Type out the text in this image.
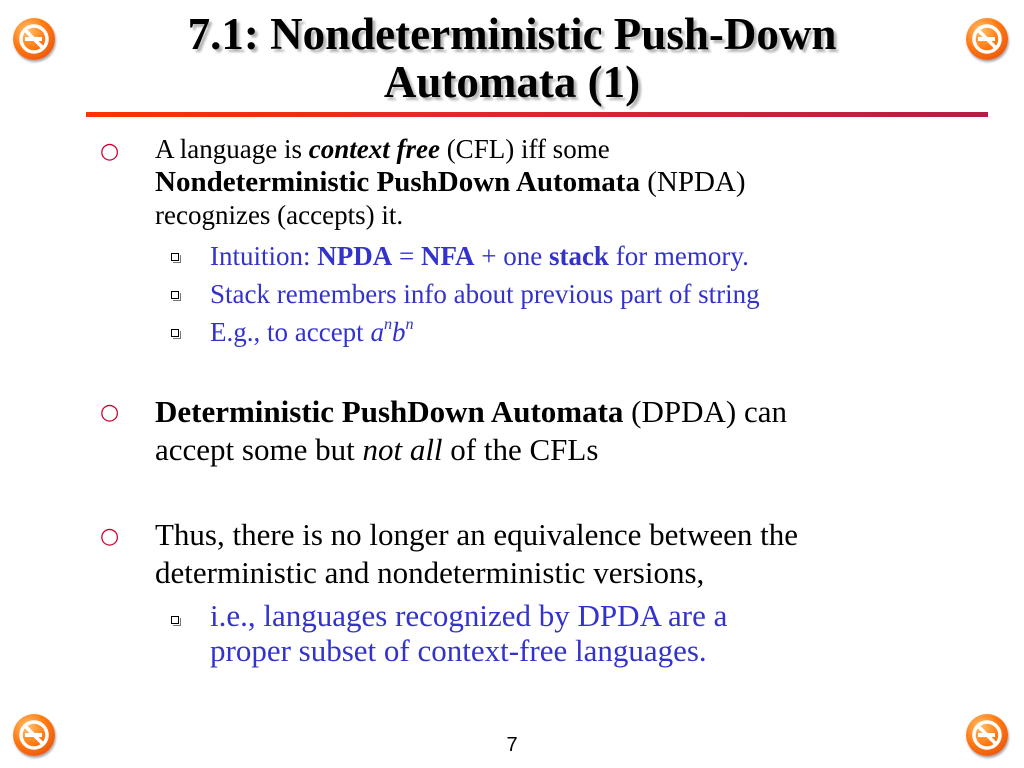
7.1: Nondeterministic Push-Down
Automata (1)
○ A language is context free (CFL) iff some
Nondeterministic PushDown Automata (NPDA)
recognizes (accepts) it.
Intuition: NPDA = NFA + one stack for memory.
Stack remembers info about previous part of string
E.g., to accept $a^nb^n$
○ Deterministic PushDown Automata (DPDA) can
accept some but not all of the CFLs
○ Thus, there is no longer an equivalence between the
deterministic and nondeterministic versions,
i.e., languages recognized by DPDA are a
proper subset of context-free languages.
7
